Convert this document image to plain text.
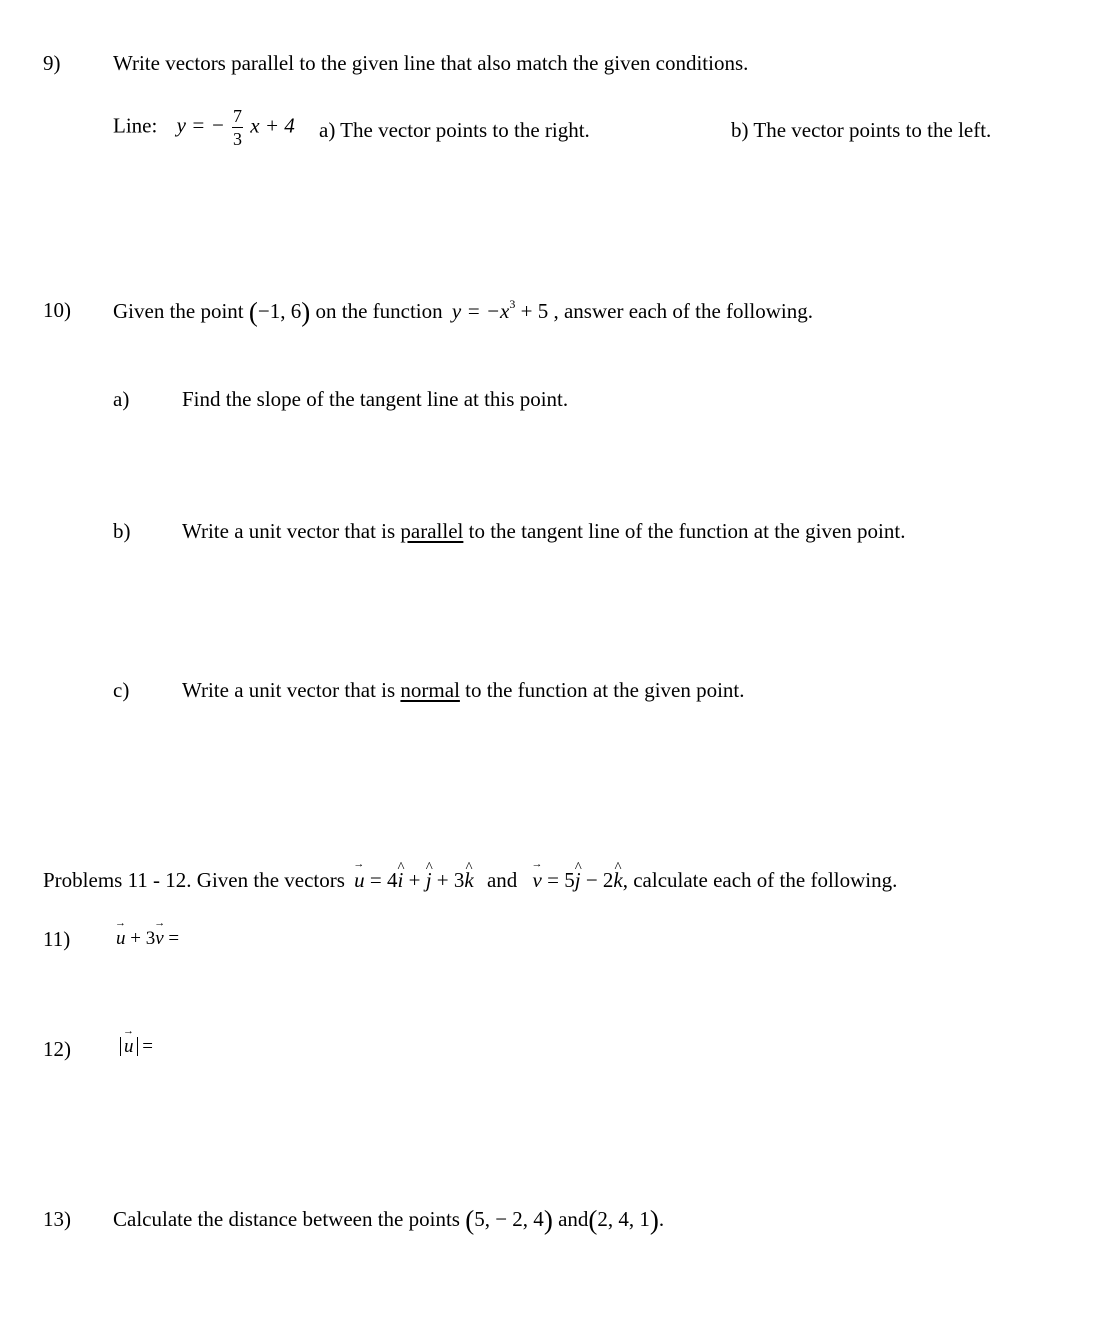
9)	Write vectors parallel to the given line that also match the given conditions.
Line: y = − $\frac{7}{3}$ x + 4 a) The vector points to the right.	b) The vector points to the left.
10) Given the point (−1, 6) on the function $y = -x^3 + 5$ , answer each of the following.
a)	Find the slope of the tangent line at this point.
b) Write a unit vector that is parallel to the tangent line of the function at the given point.
c)	Write a unit vector that is normal to the function at the given point.
Problems 11 - 12. Given the vectors u → = 4i ^ + j ^ + 3k ^ and v → = 5j ^ − 2k ^, calculate each of the following.
11) u → + 3v → =
12)	u → =
13) Calculate the distance between the points (5, − 2, 4) and(2, 4, 1).
